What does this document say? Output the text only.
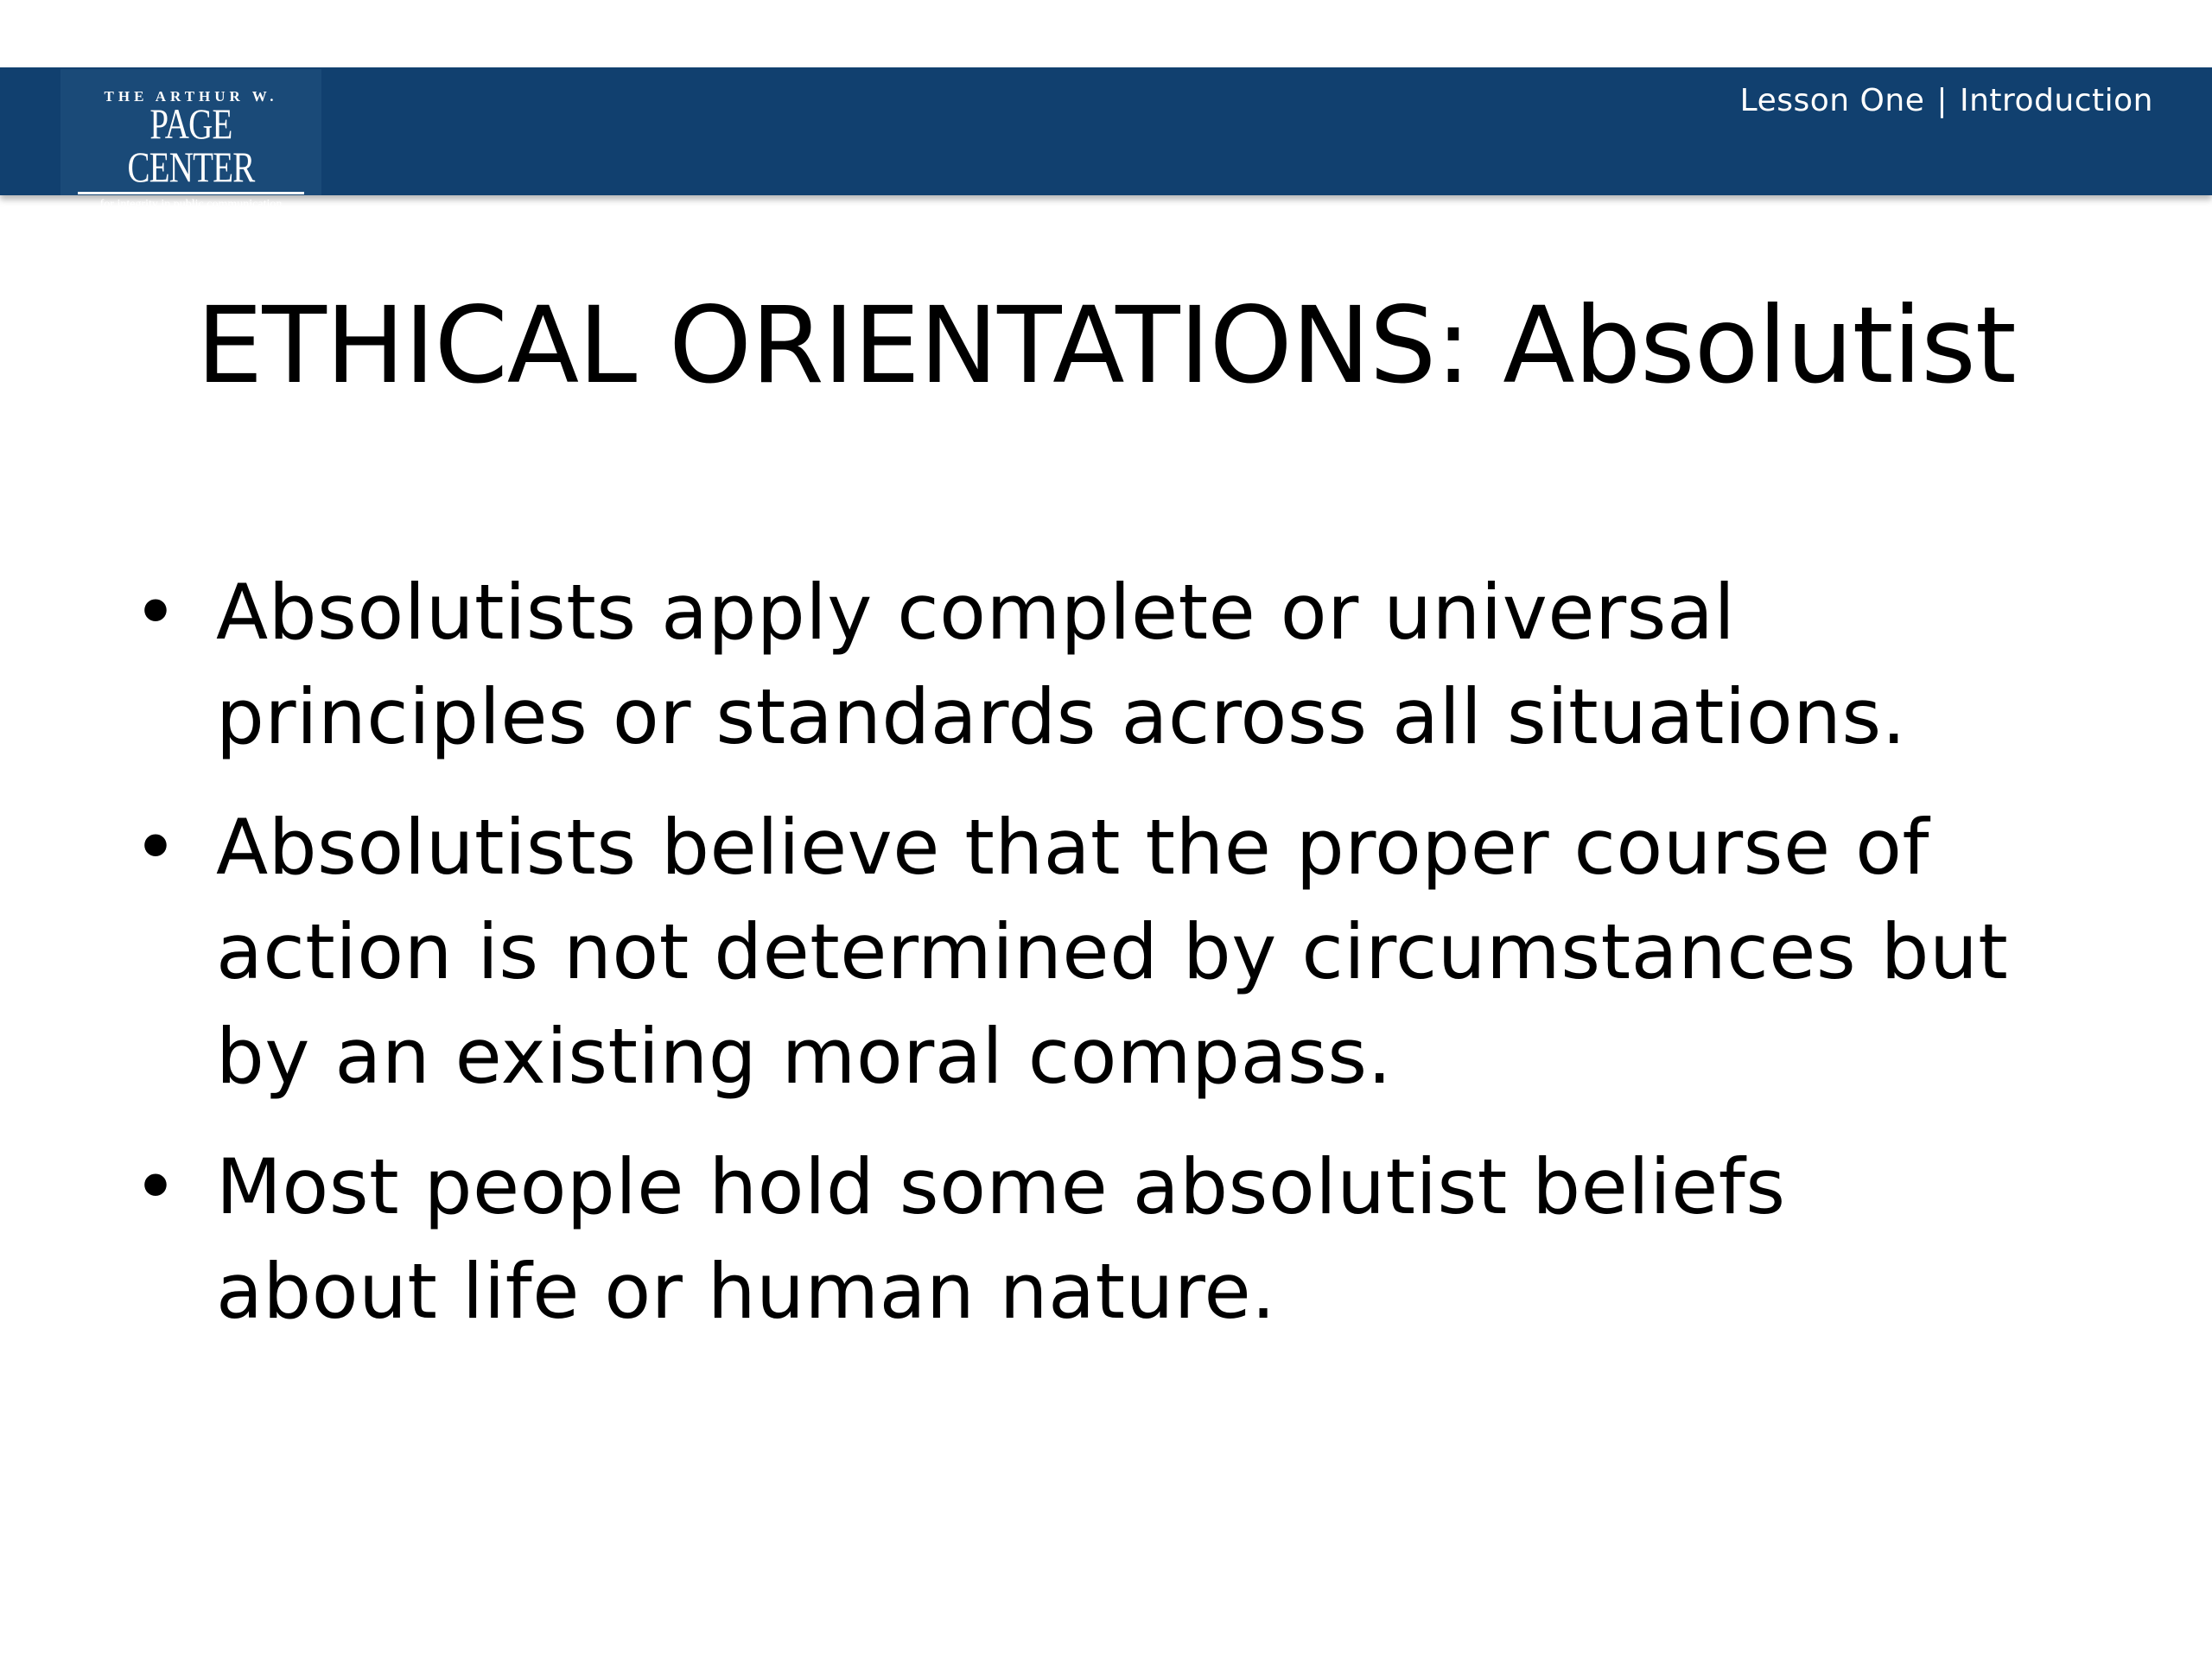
THE ARTHUR W.
PAGE CENTER
for integrity in public communication
Lesson One | Introduction
ETHICAL ORIENTATIONS: Absolutist
• Absolutists apply complete or universal
principles or standards across all situations.
• Absolutists believe that the proper course of
action is not determined by circumstances but
by an existing moral compass.
• Most people hold some absolutist beliefs
about life or human nature.
